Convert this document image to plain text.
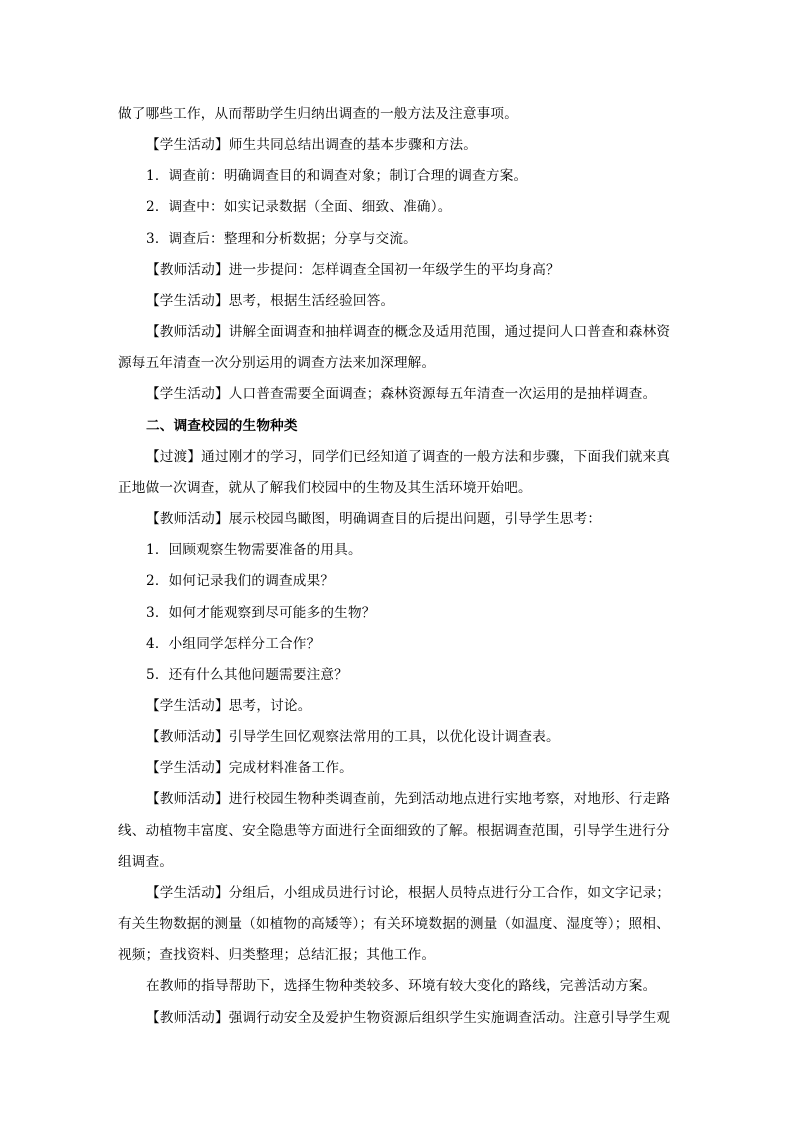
做了哪些工作，从而帮助学生归纳出调查的一般方法及注意事项。
【学生活动】师生共同总结出调查的基本步骤和方法。
1．调查前：明确调查目的和调查对象；制订合理的调查方案。
2．调查中：如实记录数据（全面、细致、准确）。
3．调查后：整理和分析数据；分享与交流。
【教师活动】进一步提问：怎样调查全国初一年级学生的平均身高？
【学生活动】思考，根据生活经验回答。
【教师活动】讲解全面调查和抽样调查的概念及适用范围，通过提问人口普查和森林资
源每五年清查一次分别运用的调查方法来加深理解。
【学生活动】人口普查需要全面调查；森林资源每五年清查一次运用的是抽样调查。
二、调查校园的生物种类
【过渡】通过刚才的学习，同学们已经知道了调查的一般方法和步骤，下面我们就来真
正地做一次调查，就从了解我们校园中的生物及其生活环境开始吧。
【教师活动】展示校园鸟瞰图，明确调查目的后提出问题，引导学生思考：
1．回顾观察生物需要准备的用具。
2．如何记录我们的调查成果？
3．如何才能观察到尽可能多的生物？
4．小组同学怎样分工合作？
5．还有什么其他问题需要注意？
【学生活动】思考，讨论。
【教师活动】引导学生回忆观察法常用的工具，以优化设计调查表。
【学生活动】完成材料准备工作。
【教师活动】进行校园生物种类调查前，先到活动地点进行实地考察，对地形、行走路
线、动植物丰富度、安全隐患等方面进行全面细致的了解。根据调查范围，引导学生进行分
组调查。
【学生活动】分组后，小组成员进行讨论，根据人员特点进行分工合作，如文字记录；
有关生物数据的测量（如植物的高矮等）；有关环境数据的测量（如温度、湿度等）；照相、
视频；查找资料、归类整理；总结汇报；其他工作。
在教师的指导帮助下，选择生物种类较多、环境有较大变化的路线，完善活动方案。
【教师活动】强调行动安全及爱护生物资源后组织学生实施调查活动。注意引导学生观
